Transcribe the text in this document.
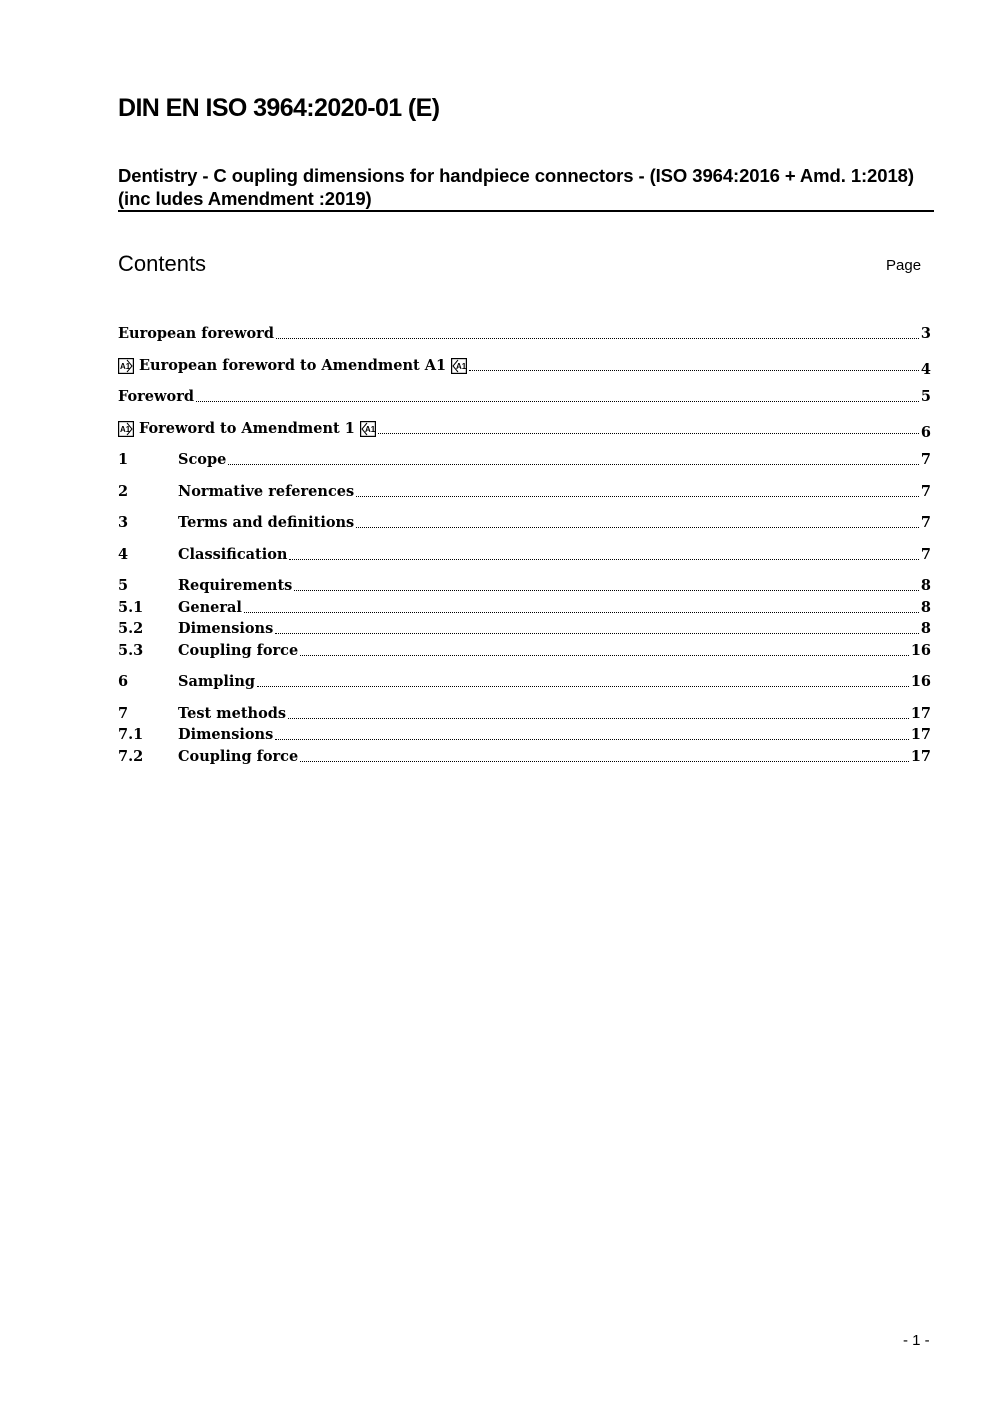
DIN EN ISO 3964:2020-01 (E)
Dentistry - C oupling dimensions for handpiece connectors - (ISO 3964:2016 + Amd. 1:2018) (inc ludes Amendment :2019)
Contents	Page
European foreword	3
A1 European foreword to Amendment A1 A1	4
Foreword	5
A1 Foreword to Amendment 1 A1	6
1	Scope	7
2	Normative references	7
3	Terms and definitions	7
4	Classification	7
5	Requirements	8
5.1	General	8
5.2	Dimensions	8
5.3	Coupling force	16
6	Sampling	16
7	Test methods	17
7.1	Dimensions	17
7.2	Coupling force	17
- 1 -
